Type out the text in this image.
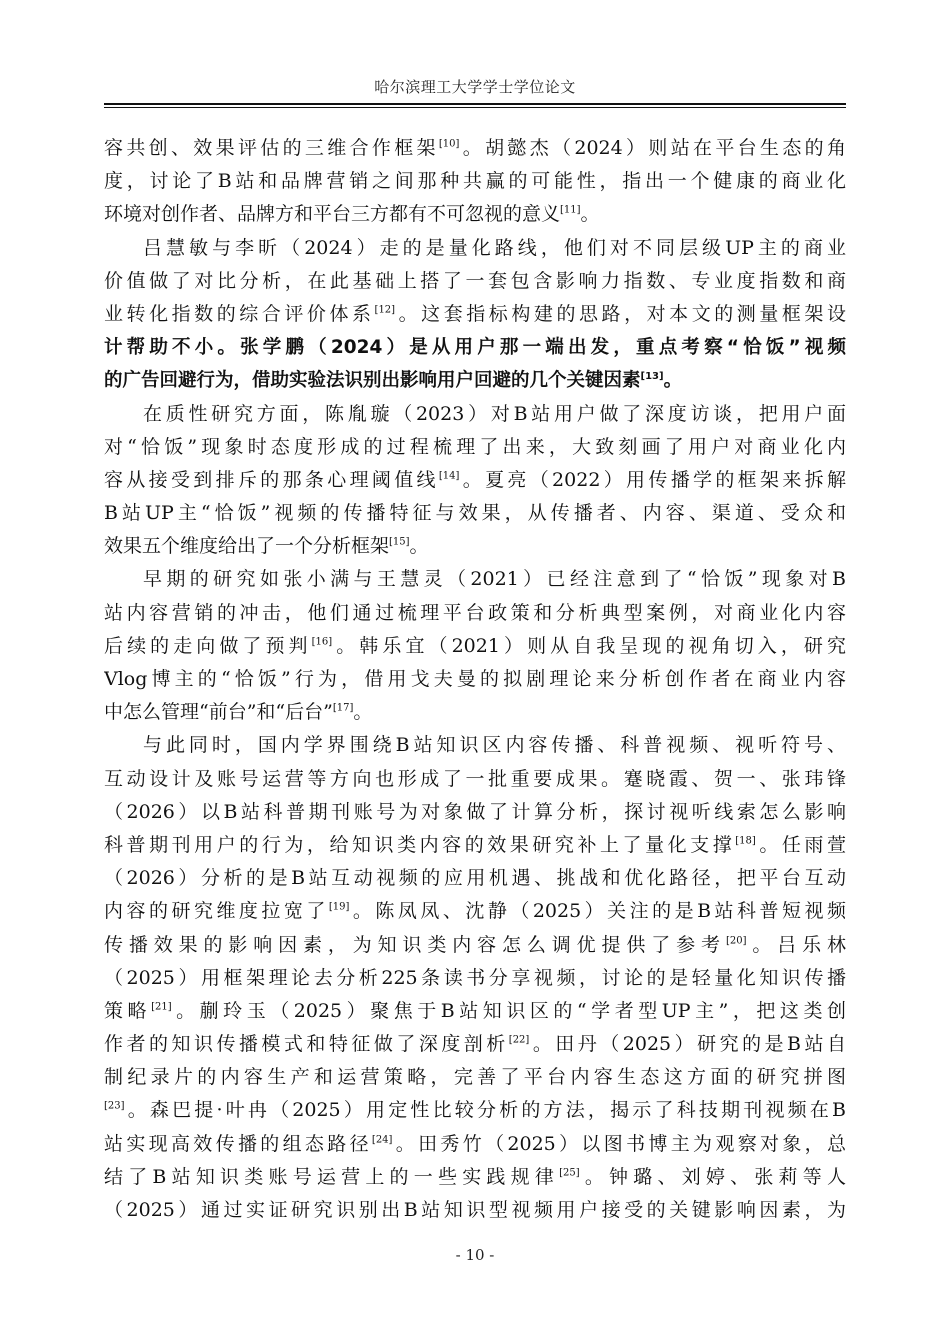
哈尔滨理工大学学士学位论文
容共创、效果评估的三维合作框架[10]。胡懿杰（2024）则站在平台生态的角
度，讨论了B站和品牌营销之间那种共赢的可能性，指出一个健康的商业化
环境对创作者、品牌方和平台三方都有不可忽视的意义[11]。
吕慧敏与李昕（2024）走的是量化路线，他们对不同层级UP主的商业
价值做了对比分析，在此基础上搭了一套包含影响力指数、专业度指数和商
业转化指数的综合评价体系[12]。这套指标构建的思路，对本文的测量框架设
计帮助不小。张学鹏（2024）是从用户那一端出发，重点考察“恰饭”视频
的广告回避行为，借助实验法识别出影响用户回避的几个关键因素[13]。
在质性研究方面，陈胤璇（2023）对B站用户做了深度访谈，把用户面
对“恰饭”现象时态度形成的过程梳理了出来，大致刻画了用户对商业化内
容从接受到排斥的那条心理阈值线[14]。夏亮（2022）用传播学的框架来拆解
B站UP主“恰饭”视频的传播特征与效果，从传播者、内容、渠道、受众和
效果五个维度给出了一个分析框架[15]。
早期的研究如张小满与王慧灵（2021）已经注意到了“恰饭”现象对B
站内容营销的冲击，他们通过梳理平台政策和分析典型案例，对商业化内容
后续的走向做了预判[16]。韩乐宜（2021）则从自我呈现的视角切入，研究
Vlog博主的“恰饭”行为，借用戈夫曼的拟剧理论来分析创作者在商业内容
中怎么管理“前台”和“后台”[17]。
与此同时，国内学界围绕B站知识区内容传播、科普视频、视听符号、
互动设计及账号运营等方向也形成了一批重要成果。蹇晓霞、贺一、张玮锋
（2026）以B站科普期刊账号为对象做了计算分析，探讨视听线索怎么影响
科普期刊用户的行为，给知识类内容的效果研究补上了量化支撑[18]。任雨萱
（2026）分析的是B站互动视频的应用机遇、挑战和优化路径，把平台互动
内容的研究维度拉宽了[19]。陈凤凤、沈静（2025）关注的是B站科普短视频
传播效果的影响因素，为知识类内容怎么调优提供了参考[20]。吕乐林
（2025）用框架理论去分析225条读书分享视频，讨论的是轻量化知识传播
策略[21]。蒯玲玉（2025）聚焦于B站知识区的“学者型UP主”，把这类创
作者的知识传播模式和特征做了深度剖析[22]。田丹（2025）研究的是B站自
制纪录片的内容生产和运营策略，完善了平台内容生态这方面的研究拼图
[23]。森巴提·叶冉（2025）用定性比较分析的方法，揭示了科技期刊视频在B
站实现高效传播的组态路径[24]。田秀竹（2025）以图书博主为观察对象，总
结了B站知识类账号运营上的一些实践规律[25]。钟璐、刘婷、张莉等人
（2025）通过实证研究识别出B站知识型视频用户接受的关键影响因素，为
- 10 -
